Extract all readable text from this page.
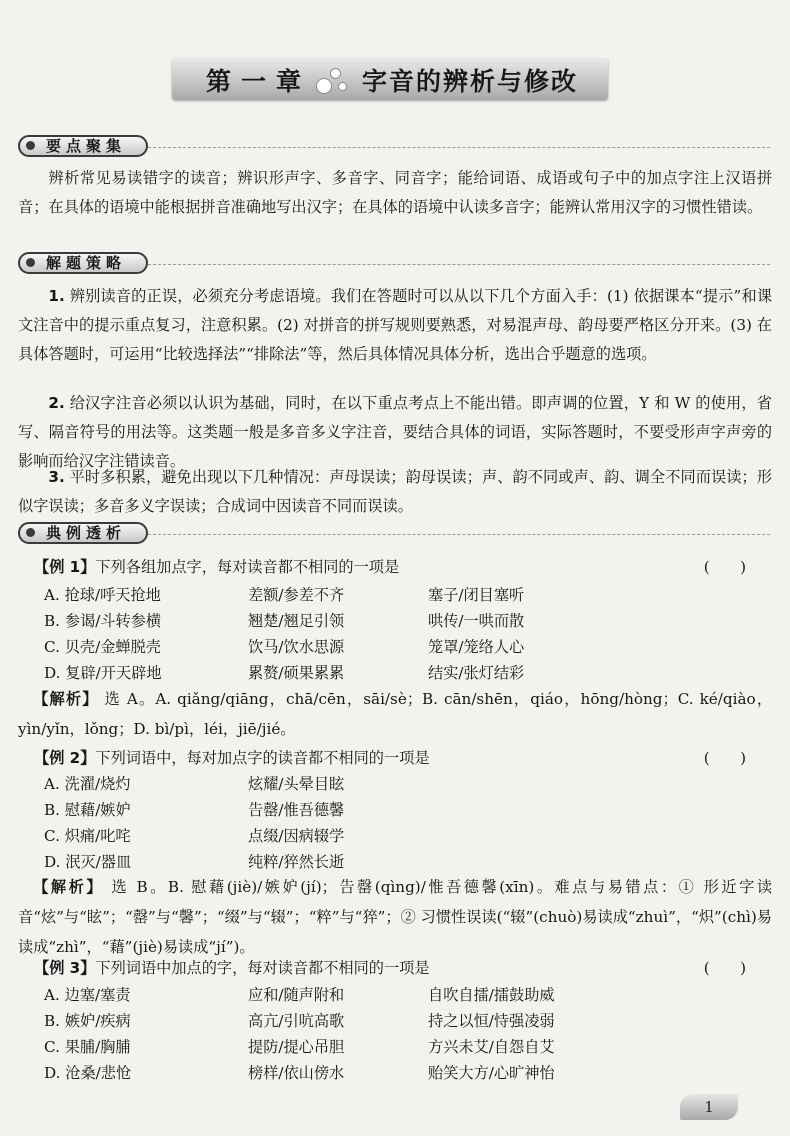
第一章 字音的辨析与修改
要点聚集
辨析常见易读错字的读音；辨识形声字、多音字、同音字；能给词语、成语或句子中的加点字注上汉语拼音；在具体的语境中能根据拼音准确地写出汉字；在具体的语境中认读多音字；能辨认常用汉字的习惯性错读。
解题策略
1. 辨别读音的正误，必须充分考虑语境。我们在答题时可以从以下几个方面入手：(1) 依据课本“提示”和课文注音中的提示重点复习，注意积累。(2) 对拼音的拼写规则要熟悉，对易混声母、韵母要严格区分开来。(3) 在具体答题时，可运用“比较选择法”“排除法”等，然后具体情况具体分析，选出合乎题意的选项。
2. 给汉字注音必须以认识为基础，同时，在以下重点考点上不能出错。即声调的位置，Y 和 W 的使用，省写、隔音符号的用法等。这类题一般是多音多义字注音，要结合具体的词语，实际答题时，不要受形声字声旁的影响而给汉字注错读音。
3. 平时多积累，避免出现以下几种情况：声母误读；韵母误读；声、韵不同或声、韵、调全不同而误读；形似字误读；多音多义字误读；合成词中因读音不同而误读。
典例透析
【例 1】下列各组加点字，每对读音都不相同的一项是	(　　)
A. 抢球/呼天抢地	差额/参差不齐	塞子/闭目塞听
B. 参谒/斗转参横	翘楚/翘足引领	哄传/一哄而散
C. 贝壳/金蝉脱壳	饮马/饮水思源	笼罩/笼络人心
D. 复辟/开天辟地	累赘/硕果累累	结实/张灯结彩
【解析】 选 A。A. qiǎng/qiāng，chā/cēn，sāi/sè；B. cān/shēn，qiáo，hōng/hòng；C. ké/qiào，yìn/yǐn，lǒng；D. bì/pì，léi，jiē/jié。
【例 2】下列词语中，每对加点字的读音都不相同的一项是	(　　)
A. 洗濯/烧灼	炫耀/头晕目眩
B. 慰藉/嫉妒	告罄/惟吾德馨
C. 炽痛/叱咤	点缀/因病辍学
D. 泯灭/器皿	纯粹/猝然长逝
【解析】 选 B。B. 慰藉(jiè)/嫉妒(jí)；告罄(qìng)/惟吾德馨(xīn)。难点与易错点：① 形近字读音“炫”与“眩”；“罄”与“馨”；“缀”与“辍”；“粹”与“猝”；② 习惯性误读(“辍”(chuò)易读成“zhuì”，“炽”(chì)易读成“zhì”，“藉”(jiè)易读成“jí”)。
【例 3】下列词语中加点的字，每对读音都不相同的一项是	(　　)
A. 边塞/塞责	应和/随声附和	自吹自擂/擂鼓助威
B. 嫉妒/疾病	高亢/引吭高歌	持之以恒/恃强凌弱
C. 果脯/胸脯	提防/提心吊胆	方兴未艾/自怨自艾
D. 沧桑/悲怆	榜样/依山傍水	贻笑大方/心旷神怡
1
